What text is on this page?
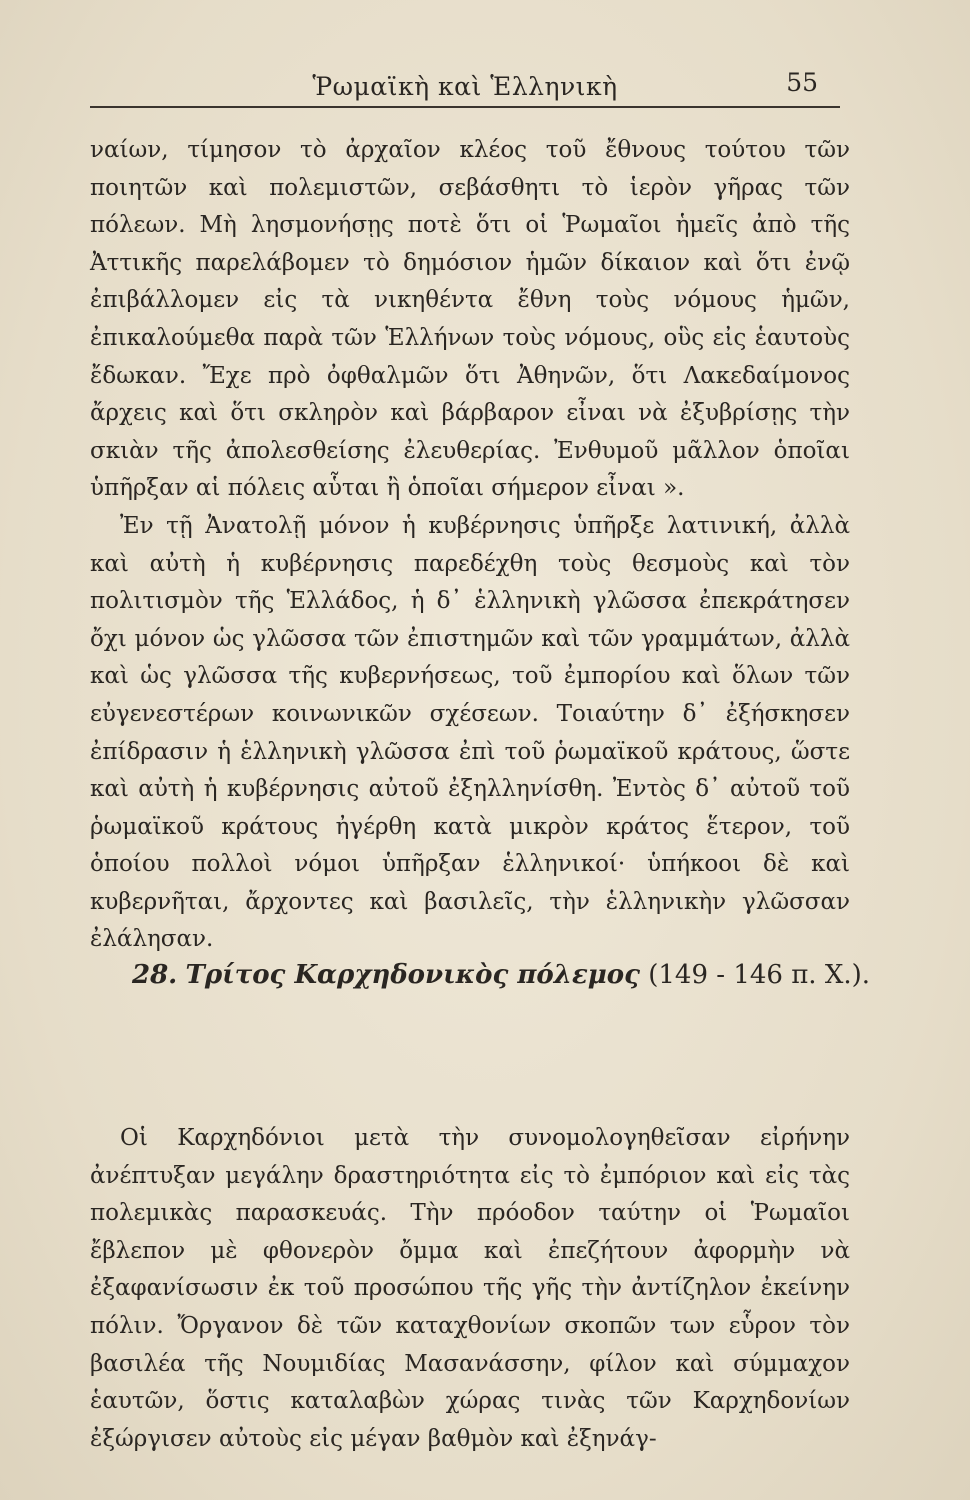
Ῥωμαϊκὴ καὶ Ἑλληνικὴ	55

ναίων, τίμησον τὸ ἀρχαῖον κλέος τοῦ ἔθνους τούτου τῶν ποιητῶν καὶ πολεμιστῶν, σεβάσθητι τὸ ἱερὸν γῆρας τῶν πόλεων. Μὴ λησμονήσῃς ποτὲ ὅτι οἱ Ῥωμαῖοι ἡμεῖς ἀπὸ τῆς Ἀττικῆς παρελάβομεν τὸ δημόσιον ἡμῶν δίκαιον καὶ ὅτι ἐνῷ ἐπιβάλλομεν εἰς τὰ νικηθέντα ἔθνη τοὺς νόμους ἡμῶν, ἐπικαλούμεθα παρὰ τῶν Ἑλλήνων τοὺς νόμους, οὓς εἰς ἑαυτοὺς ἔδωκαν. Ἔχε πρὸ ὀφθαλμῶν ὅτι Ἀθηνῶν, ὅτι Λακεδαίμονος ἄρχεις καὶ ὅτι σκληρὸν καὶ βάρβαρον εἶναι νὰ ἐξυβρίσῃς τὴν σκιὰν τῆς ἀπολεσθείσης ἐλευθερίας. Ἐνθυμοῦ μᾶλλον ὁποῖαι ὑπῆρξαν αἱ πόλεις αὗται ἢ ὁποῖαι σήμερον εἶναι ».

Ἐν τῇ Ἀνατολῇ μόνον ἡ κυβέρνησις ὑπῆρξε λατινική, ἀλλὰ καὶ αὐτὴ ἡ κυβέρνησις παρεδέχθη τοὺς θεσμοὺς καὶ τὸν πολιτισμὸν τῆς Ἑλλάδος, ἡ δ᾽ ἑλληνικὴ γλῶσσα ἐπεκράτησεν ὄχι μόνον ὡς γλῶσσα τῶν ἐπιστημῶν καὶ τῶν γραμμάτων, ἀλλὰ καὶ ὡς γλῶσσα τῆς κυβερνήσεως, τοῦ ἐμπορίου καὶ ὅλων τῶν εὐγενεστέρων κοινωνικῶν σχέσεων. Τοιαύτην δ᾽ ἐξήσκησεν ἐπίδρασιν ἡ ἑλληνικὴ γλῶσσα ἐπὶ τοῦ ῥωμαϊκοῦ κράτους, ὥστε καὶ αὐτὴ ἡ κυβέρνησις αὐτοῦ ἐξηλληνίσθη. Ἐντὸς δ᾽ αὐτοῦ τοῦ ῥωμαϊκοῦ κράτους ἠγέρθη κατὰ μικρὸν κράτος ἕτερον, τοῦ ὁποίου πολλοὶ νόμοι ὑπῆρξαν ἑλληνικοί· ὑπήκοοι δὲ καὶ κυβερνῆται, ἄρχοντες καὶ βασιλεῖς, τὴν ἑλληνικὴν γλῶσσαν ἐλάλησαν.

28. Τρίτος Καρχηδονικὸς πόλεμος (149 - 146 π. Χ.).

Οἱ Καρχηδόνιοι μετὰ τὴν συνομολογηθεῖσαν εἰρήνην ἀνέπτυξαν μεγάλην δραστηριότητα εἰς τὸ ἐμπόριον καὶ εἰς τὰς πολεμικὰς παρασκευάς. Τὴν πρόοδον ταύτην οἱ Ῥωμαῖοι ἔβλεπον μὲ φθονερὸν ὄμμα καὶ ἐπεζήτουν ἀφορμὴν νὰ ἐξαφανίσωσιν ἐκ τοῦ προσώπου τῆς γῆς τὴν ἀντίζηλον ἐκείνην πόλιν. Ὄργανον δὲ τῶν καταχθονίων σκοπῶν των εὗρον τὸν βασιλέα τῆς Νουμιδίας Μασανάσσην, φίλον καὶ σύμμαχον ἑαυτῶν, ὅστις καταλαβὼν χώρας τινὰς τῶν Καρχηδονίων ἐξώργισεν αὐτοὺς εἰς μέγαν βαθμὸν καὶ ἐξηνάγ-
